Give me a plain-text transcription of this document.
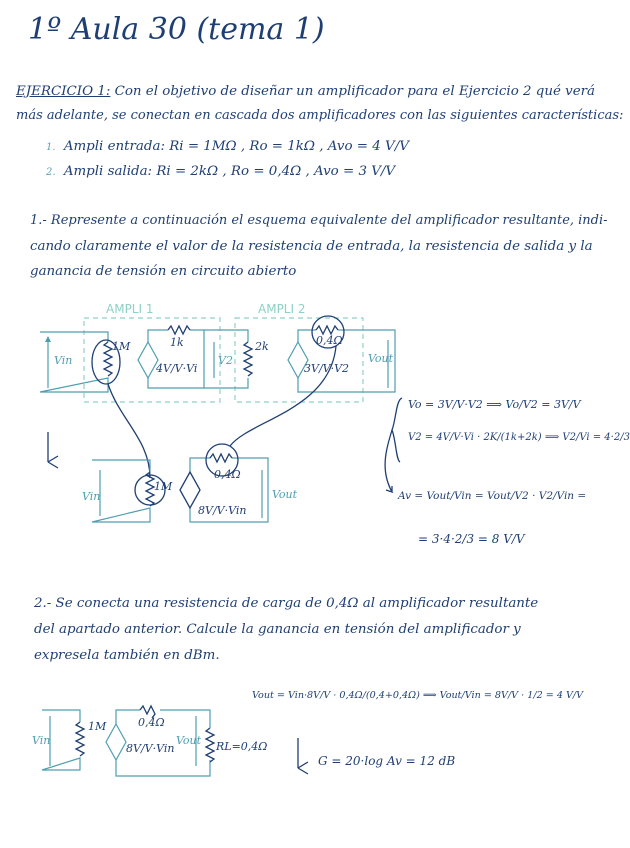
1º Aula 30 (tema 1)
EJERCICIO 1: Con el objetivo de diseñar un amplificador para el Ejercicio 2 qué verá
más adelante, se conectan en cascada dos amplificadores con las siguientes características:
1. Ampli entrada: Ri = 1MΩ , Ro = 1kΩ , Avo = 4 V/V
2. Ampli salida: Ri = 2kΩ , Ro = 0,4Ω , Avo = 3 V/V
1.- Represente a continuación el esquema equivalente del amplificador resultante, indi-
cando claramente el valor de la resistencia de entrada, la resistencia de salida y la
ganancia de tensión en circuito abierto
AMPLI 1	AMPLI 2
Vin
1M	1k
4V/V·Vi
V2
2k	0,4Ω
3V/V·V2
Vout
Vin
1M
0,4Ω
8V/V·Vin
Vout
Vin
1M	0,4Ω
8V/V·Vin
Vout RL=0,4Ω
Vo = 3V/V·V2 ⟹ Vo/V2 = 3V/V
V2 = 4V/V·Vi · 2K/(1k+2k) ⟹ V2/Vi = 4·2/3
Av = Vout/Vin = Vout/V2 · V2/Vin =
= 3·4·2/3 = 8 V/V
2.- Se conecta una resistencia de carga de 0,4Ω al amplificador resultante
del apartado anterior. Calcule la ganancia en tensión del amplificador y
expresela también en dBm.
Vout = Vin·8V/V · 0,4Ω/(0,4+0,4Ω) ⟹ Vout/Vin = 8V/V · 1/2 = 4 V/V
G = 20·log Av = 12 dB
